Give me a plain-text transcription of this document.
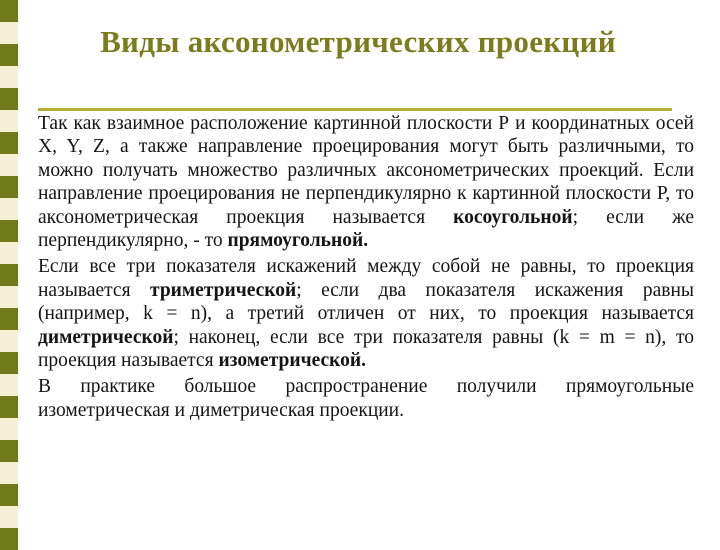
Виды аксонометрических проекций

Так как взаимное расположение картинной плоскости Р и координатных осей X, Y, Z, а также направление проецирования могут быть различными, то можно получать множество различных аксонометрических проекций. Если направление проецирования не перпендикулярно к картинной плоскости Р, то аксонометрическая проекция называется косоугольной; если же перпендикулярно, - то прямоугольной.

Если все три показателя искажений между собой не равны, то проекция называется триметрической; если два показателя искажения равны (например, k = n), а третий отличен от них, то проекция называется диметрической; наконец, если все три показателя равны (k = m = n), то проекция называется изометрической.

В практике большое распространение получили прямоугольные изометрическая и диметрическая проекции.
